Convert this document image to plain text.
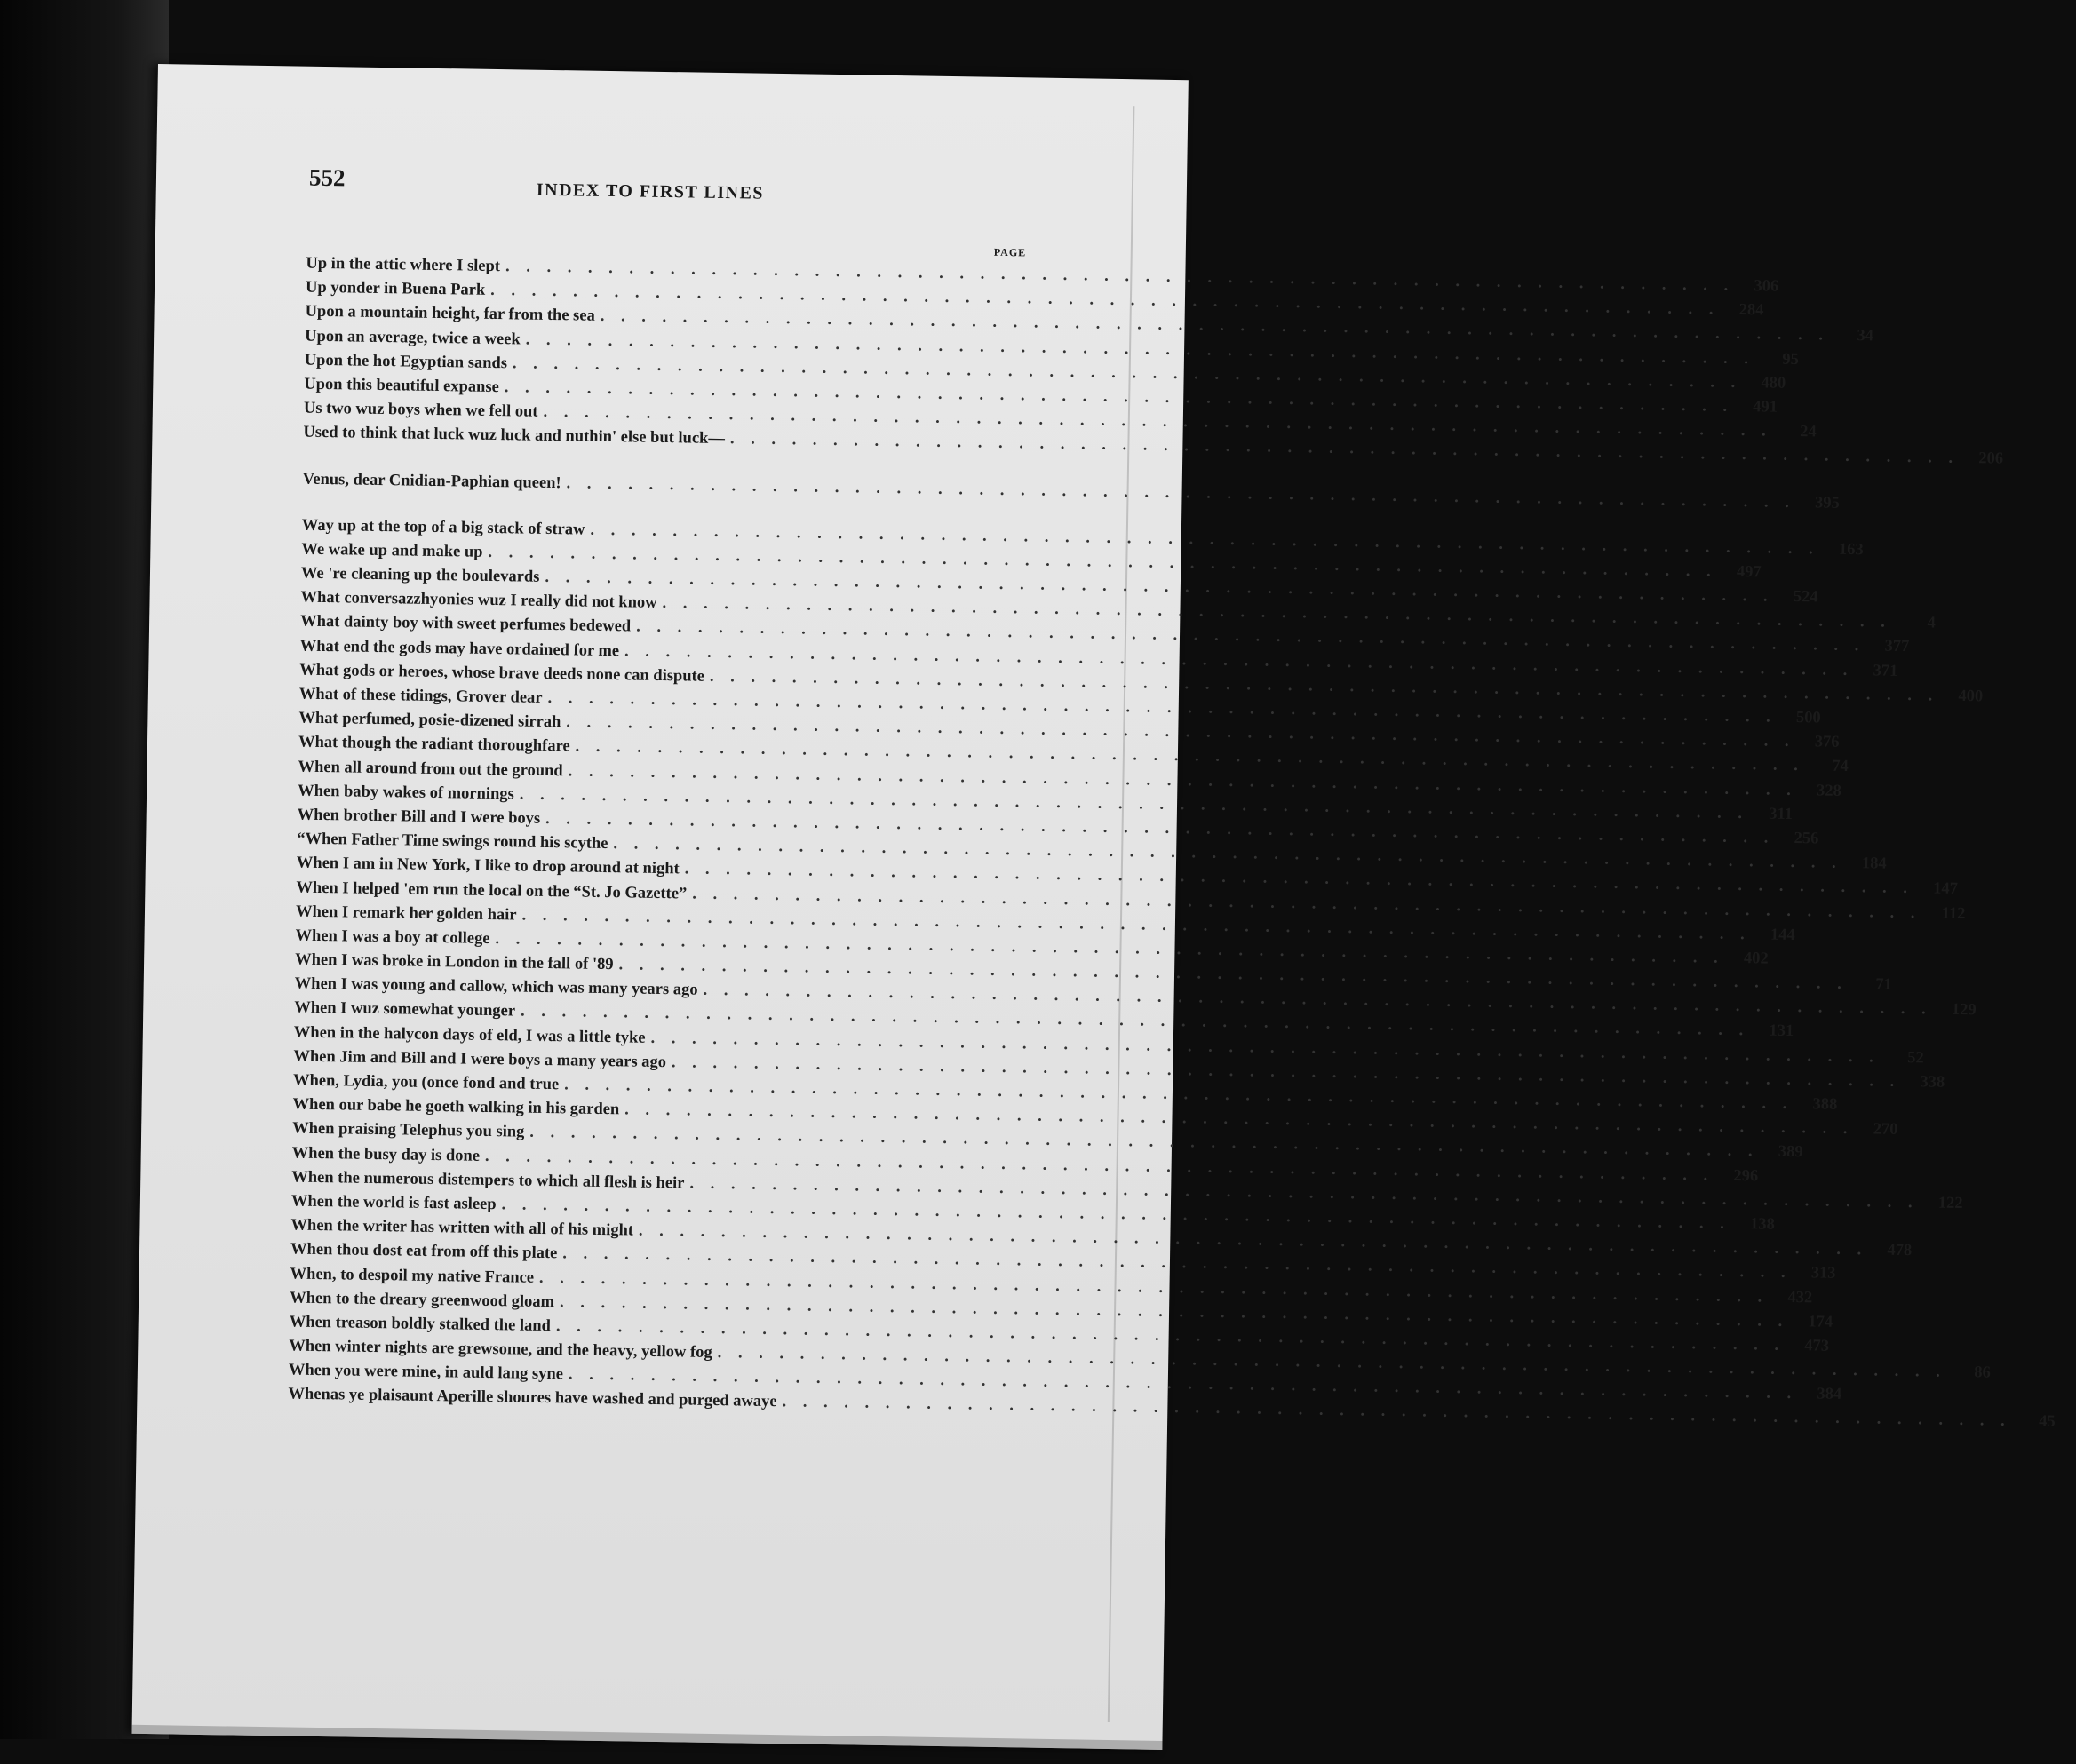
552
INDEX TO FIRST LINES
PAGE
Up in the attic where I slept
. . .
306
Up yonder in Buena Park
. . .
284
Upon a mountain height, far from the sea
. . .
34
Upon an average, twice a week
. . .
95
Upon the hot Egyptian sands
. . .
480
Upon this beautiful expanse
. . .
491
Us two wuz boys when we fell out
. . .
24
Used to think that luck wuz luck and nuthin' else but luck—
. . .
206
Venus, dear Cnidian-Paphian queen!
. . .
395
Way up at the top of a big stack of straw
. . .
163
We wake up and make up
. . .
497
We 're cleaning up the boulevards
. . .
524
What conversazzhyonies wuz I really did not know
. . .
4
What dainty boy with sweet perfumes bedewed
. . .
377
What end the gods may have ordained for me
. . .
371
What gods or heroes, whose brave deeds none can dispute
. . .
400
What of these tidings, Grover dear
. . .
500
What perfumed, posie-dizened sirrah
. . .
376
What though the radiant thoroughfare
. . .
74
When all around from out the ground
. . .
328
When baby wakes of mornings
. . .
311
When brother Bill and I were boys
. . .
256
“When Father Time swings round his scythe
. . .
184
When I am in New York, I like to drop around at night
. . .
147
When I helped 'em run the local on the “St. Jo Gazette”
. . .
112
When I remark her golden hair
. . .
144
When I was a boy at college
. . .
402
When I was broke in London in the fall of '89
. . .
71
When I was young and callow, which was many years ago
. . .
129
When I wuz somewhat younger
. . .
131
When in the halycon days of eld, I was a little tyke
. . .
52
When Jim and Bill and I were boys a many years ago
. . .
338
When, Lydia, you (once fond and true
. . .
388
When our babe he goeth walking in his garden
. . .
270
When praising Telephus you sing
. . .
389
When the busy day is done
. . .
296
When the numerous distempers to which all flesh is heir
. . .
122
When the world is fast asleep
. . .
138
When the writer has written with all of his might
. . .
478
When thou dost eat from off this plate
. . .
313
When, to despoil my native France
. . .
432
When to the dreary greenwood gloam
. . .
174
When treason boldly stalked the land
. . .
473
When winter nights are grewsome, and the heavy, yellow fog
. . .
86
When you were mine, in auld lang syne
. . .
384
Whenas ye plaisaunt Aperille shoures have washed and purged awaye
. . .
45
